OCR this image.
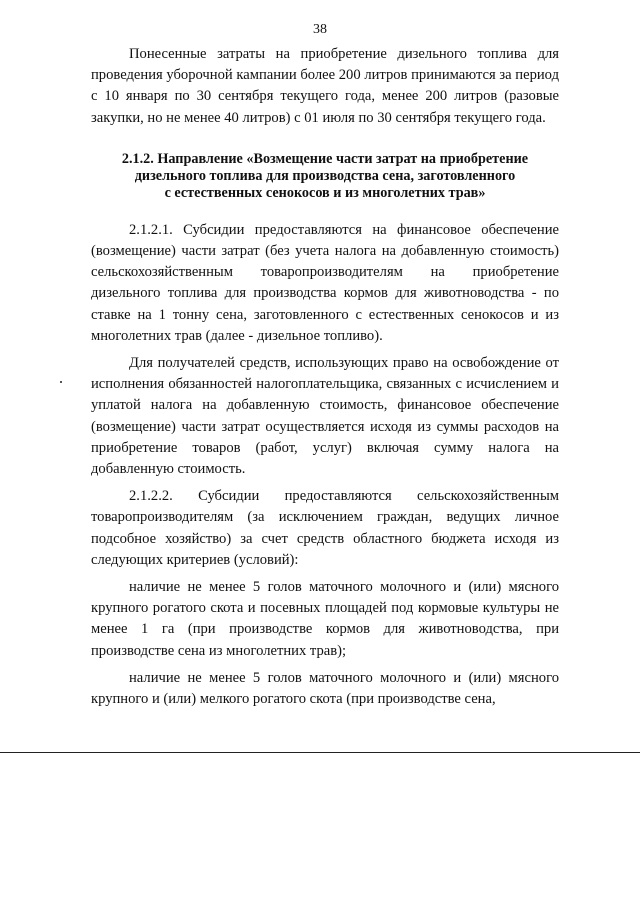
38

Понесенные затраты на приобретение дизельного топлива для проведения уборочной кампании более 200 литров принимаются за период с 10 января по 30 сентября текущего года, менее 200 литров (разовые закупки, но не менее 40 литров) с 01 июля по 30 сентября текущего года.

2.1.2. Направление «Возмещение части затрат на приобретение
дизельного топлива для производства сена, заготовленного
с естественных сенокосов и из многолетних трав»

2.1.2.1. Субсидии предоставляются на финансовое обеспечение (возмещение) части затрат (без учета налога на добавленную стоимость) сельскохозяйственным товаропроизводителям на приобретение дизельного топлива для производства кормов для животноводства - по ставке на 1 тонну сена, заготовленного с естественных сенокосов и из многолетних трав (далее - дизельное топливо).

Для получателей средств, использующих право на освобождение от исполнения обязанностей налогоплательщика, связанных с исчислением и уплатой налога на добавленную стоимость, финансовое обеспечение (возмещение) части затрат осуществляется исходя из суммы расходов на приобретение товаров (работ, услуг) включая сумму налога на добавленную стоимость.

2.1.2.2. Субсидии предоставляются сельскохозяйственным товаропроизводителям (за исключением граждан, ведущих личное подсобное хозяйство) за счет средств областного бюджета исходя из следующих критериев (условий):

наличие не менее 5 голов маточного молочного и (или) мясного крупного рогатого скота и посевных площадей под кормовые культуры не менее 1 га (при производстве кормов для животноводства, при производстве сена из многолетних трав);

наличие не менее 5 голов маточного молочного и (или) мясного крупного и (или) мелкого рогатого скота (при производстве сена,
